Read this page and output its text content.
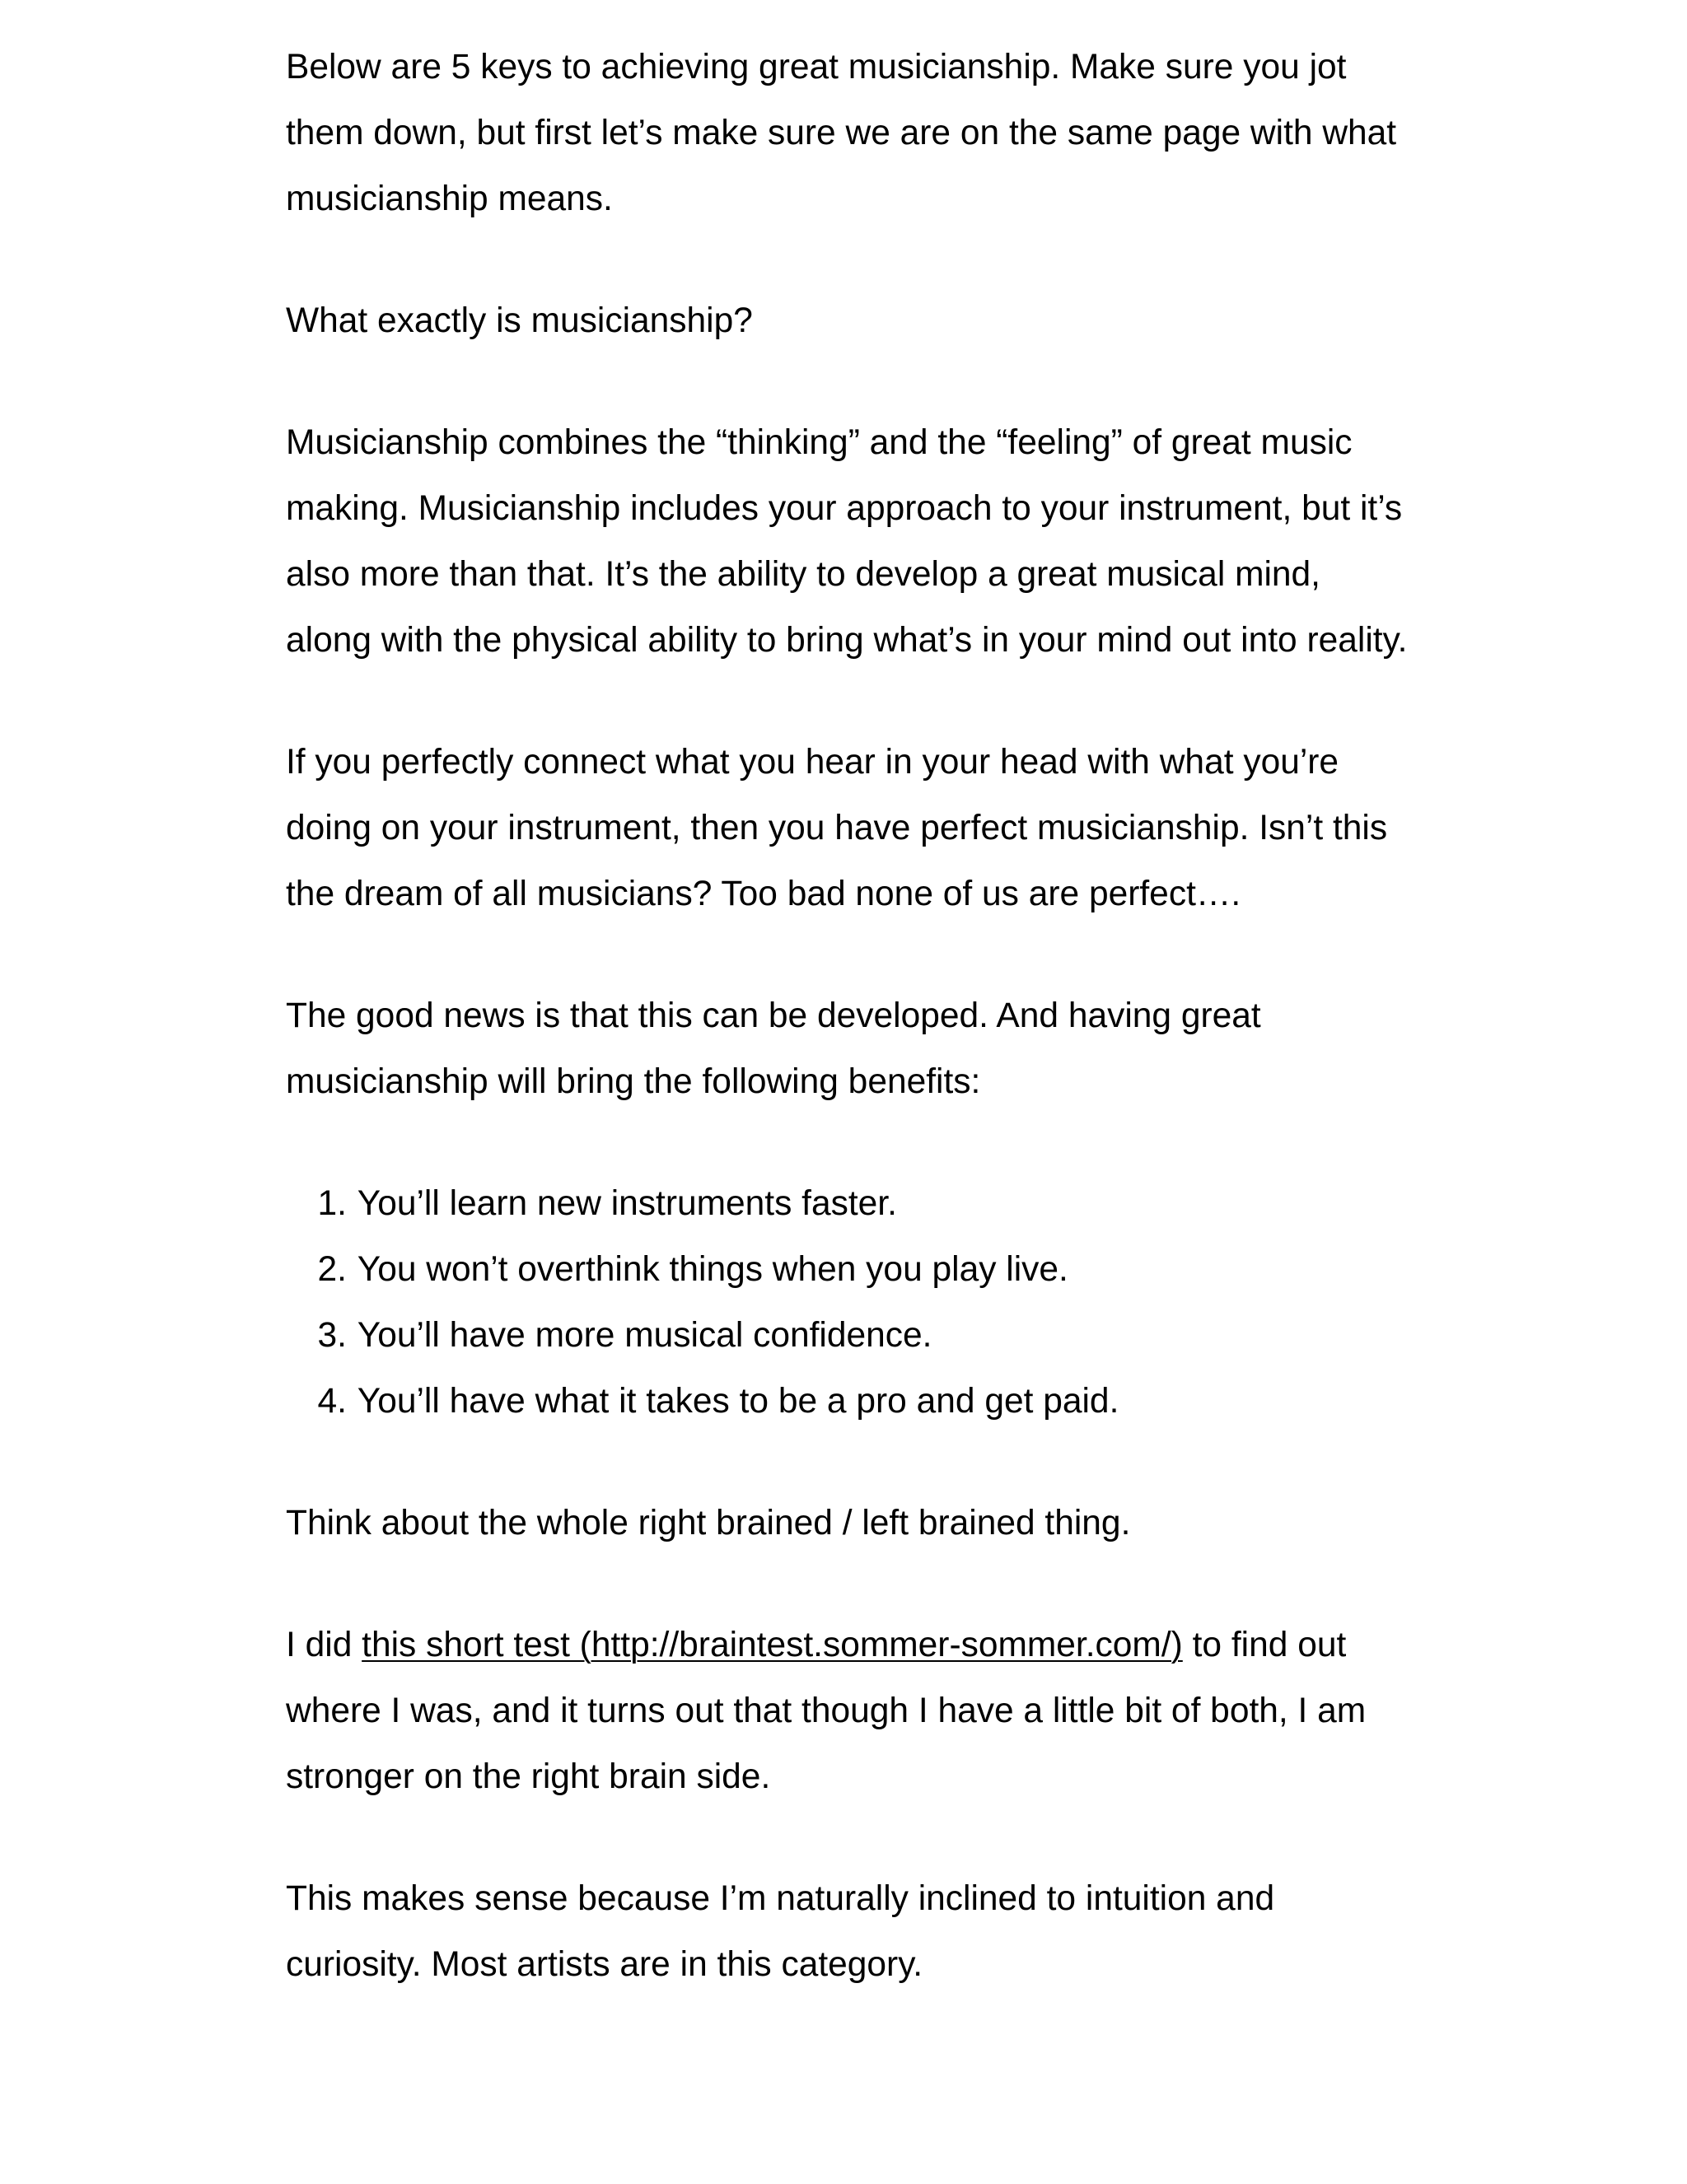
Below are 5 keys to achieving great musicianship. Make sure you jot them down, but first let’s make sure we are on the same page with what musicianship means.

What exactly is musicianship?

Musicianship combines the “thinking” and the “feeling” of great music making. Musicianship includes your approach to your instrument, but it’s also more than that. It’s the ability to develop a great musical mind, along with the physical ability to bring what’s in your mind out into reality.

If you perfectly connect what you hear in your head with what you’re doing on your instrument, then you have perfect musicianship. Isn’t this the dream of all musicians? Too bad none of us are perfect….

The good news is that this can be developed. And having great musicianship will bring the following benefits:

1. You’ll learn new instruments faster.
2. You won’t overthink things when you play live.
3. You’ll have more musical confidence.
4. You’ll have what it takes to be a pro and get paid.

Think about the whole right brained / left brained thing.

I did this short test (http://braintest.sommer-sommer.com/) to find out where I was, and it turns out that though I have a little bit of both, I am stronger on the right brain side.

This makes sense because I’m naturally inclined to intuition and curiosity. Most artists are in this category.
